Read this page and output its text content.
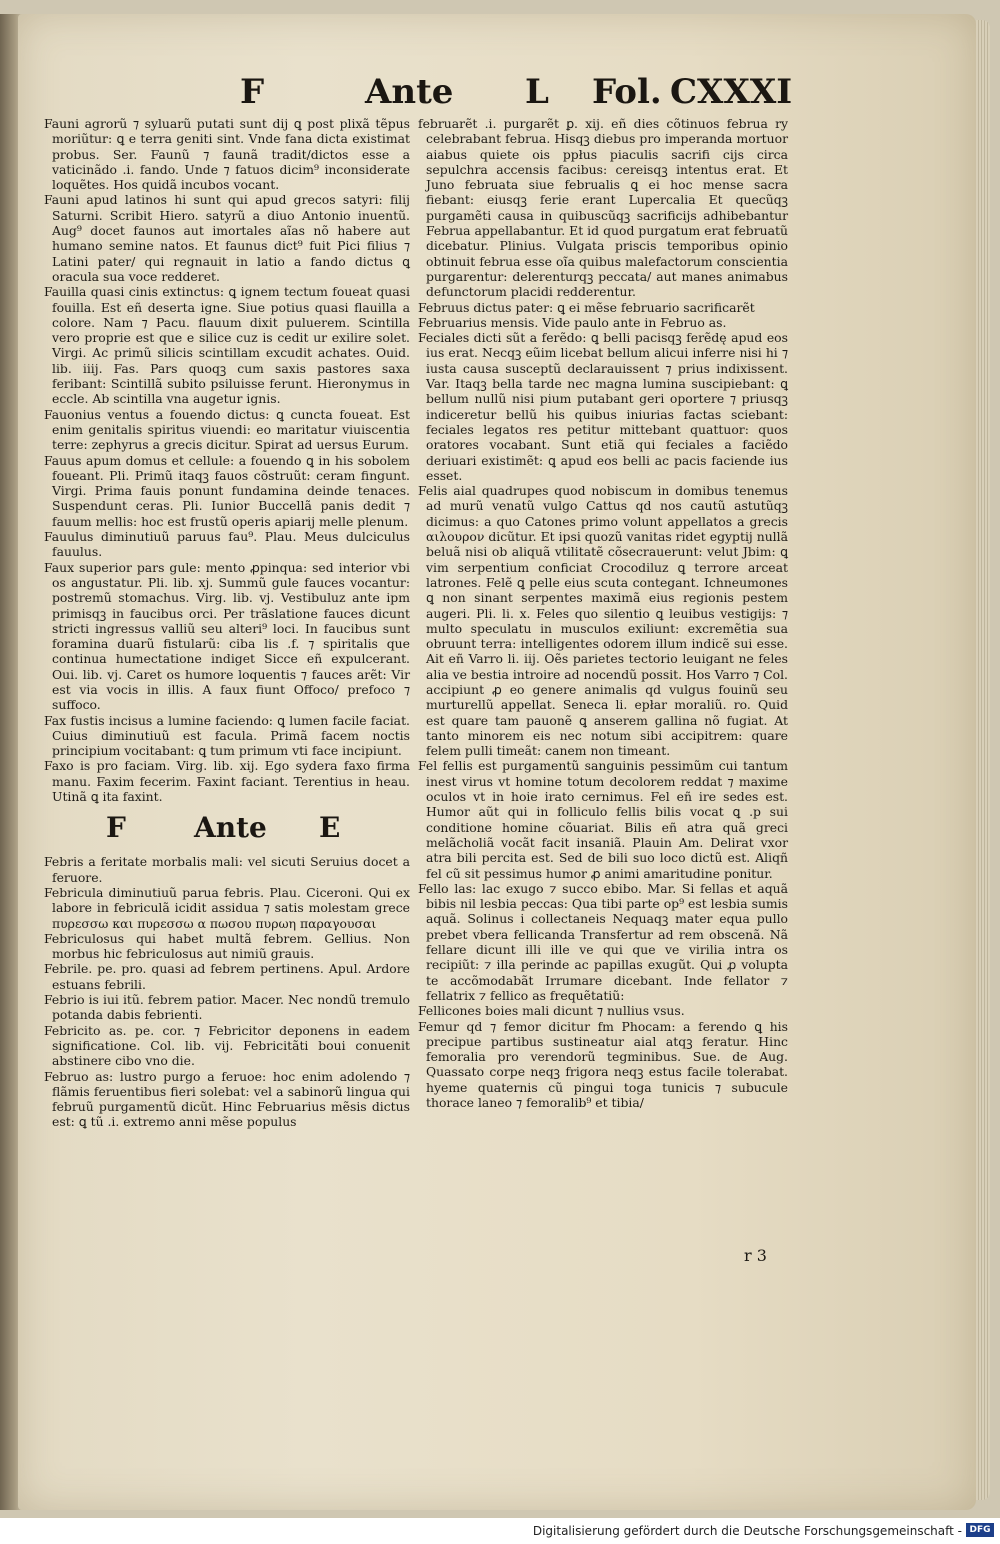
F	Ante L Fol. CXXXI

Fauni agrorũ ⁊ syluarũ putati sunt dij ꝗ post plixã tẽpus moriũtur: ꝗ e terra geniti sint. Vnde fana dicta existimat probus. Ser. Faunũ ⁊ faunã tradit/dictos esse a vaticinãdo .i. fando. Unde ⁊ fatuos dicim⁹ inconsiderate loquẽtes. Hos quidã incubos vocant.

Fauni apud latinos hi sunt qui apud grecos satyri: filij Saturni. Scribit Hiero. satyrũ a diuo Antonio inuentũ. Aug⁹ docet faunos aut imortales aĩas nõ habere aut humano semine natos. Et faunus dict⁹ fuit Pici filius ⁊ Latini pater/ qui regnauit in latio a fando dictus ꝗ oracula sua voce redderet.

Fauilla quasi cinis extinctus: ꝗ ignem tectum foueat quasi fouilla. Est eñ deserta igne. Siue potius quasi flauilla a colore. Nam ⁊ Pacu. flauum dixit puluerem. Scintilla vero proprie est que e silice cuz is cedit ur exilire solet. Virgi. Ac primũ silicis scintillam excudit achates. Ouid. lib. iiij. Fas. Pars quoqꝫ cum saxis pastores saxa feribant: Scintillã subito psiluisse ferunt. Hieronymus in eccle. Ab scintilla vna augetur ignis.

Fauonius ventus a fouendo dictus: ꝗ cuncta foueat. Est enim genitalis spiritus viuendi: eo maritatur viuiscentia terre: zephyrus a grecis dicitur. Spirat ad uersus Eurum.

Fauus apum domus et cellule: a fouendo ꝗ in his sobolem foueant. Pli. Primũ itaqꝫ fauos cõstruũt: ceram fingunt. Virgi. Prima fauis ponunt fundamina deinde tenaces. Suspendunt ceras. Pli. Iunior Buccellã panis dedit ⁊ fauum mellis: hoc est frustũ operis apiarij melle plenum.

Fauulus diminutiuũ paruus fau⁹. Plau. Meus dulciculus fauulus.

Faux superior pars gule: mento ꝓpinqua: sed interior vbi os angustatur. Pli. lib. xj. Summũ gule fauces vocantur: postremũ stomachus. Virg. lib. vj. Vestibuluz ante ipm primisqꝫ in faucibus orci. Per trãslatione fauces dicunt stricti ingressus valliũ seu alteri⁹ loci. In faucibus sunt foramina duarũ fistularũ: ciba lis .f. ⁊ spiritalis que continua humectatione indiget Sicce eñ expulcerant. Oui. lib. vj. Caret os humore loquentis ⁊ fauces arẽt: Vir est via vocis in illis. A faux fiunt Offoco/ prefoco ⁊ suffoco.

Fax fustis incisus a lumine faciendo: ꝗ lumen facile faciat. Cuius diminutiuũ est facula. Primã facem noctis principium vocitabant: ꝗ tum primum vti face incipiunt.

Faxo is pro faciam. Virg. lib. xij. Ego sydera faxo firma manu. Faxim fecerim. Faxint faciant. Terentius in heau. Utinã ꝗ ita faxint.

F Ante E

Febris a feritate morbalis mali: vel sicuti Seruius docet a feruore.

Febricula diminutiuũ parua febris. Plau. Ciceroni. Qui ex labore in febriculã icidit assidua ⁊ satis molestam grece πυρεσσω και πυρεσσω α πωσου πυρωη παραγουσαι

Febriculosus qui habet multã febrem. Gellius. Non morbus hic febriculosus aut nimiũ grauis.

Febrile. pe. pro. quasi ad febrem pertinens. Apul. Ardore estuans febrili.

Febrio is iui itũ. febrem patior. Macer. Nec nondũ tremulo potanda dabis febrienti.

Febricito as. pe. cor. ⁊ Febricitor deponens in eadem significatione. Col. lib. vij. Febricitãti boui conuenit abstinere cibo vno die.

Februo as: lustro purgo a feruoe: hoc enim adolendo ⁊ flãmis feruentibus fieri solebat: vel a sabinorũ lingua qui februũ purgamentũ dicũt. Hinc Februarius mẽsis dictus est: ꝗ tũ .i. extremo anni mẽse populus

februarẽt .i. purgarẽt ꝑ. xij. eñ dies cõtinuos februa ry celebrabant februa. Hisqꝫ diebus pro imperanda mortuor aiabus quiete ois ppłus piaculis sacrifi cijs circa sepulchra accensis facibus: cereisqꝫ intentus erat. Et Juno februata siue februalis ꝗ ei hoc mense sacra fiebant: eiusqꝫ ferie erant Lupercalia Et quecũqꝫ purgamẽti causa in quibuscũqꝫ sacrificijs adhibebantur Februa appellabantur. Et id quod purgatum erat februatũ dicebatur. Plinius. Vulgata priscis temporibus opinio obtinuit februa esse oĩa quibus malefactorum conscientia purgarentur: delerenturqꝫ peccata/ aut manes animabus defunctorum placidi redderentur.

Februus dictus pater: ꝗ ei mẽse februario sacrificarẽt

Februarius mensis. Vide paulo ante in Februo as.

Feciales dicti sũt a ferẽdo: ꝗ belli pacisqꝫ ferẽdę apud eos ius erat. Necqꝫ eũim licebat bellum alicui inferre nisi hi ⁊ iusta causa susceptũ declarauissent ⁊ prius indixissent. Var. Itaqꝫ bella tarde nec magna lumina suscipiebant: ꝗ bellum nullũ nisi pium putabant geri oportere ⁊ priusqꝫ indiceretur bellũ his quibus iniurias factas sciebant: feciales legatos res petitur mittebant quattuor: quos oratores vocabant. Sunt etiã qui feciales a faciẽdo deriuari existimẽt: ꝗ apud eos belli ac pacis faciende ius esset.

Felis aial quadrupes quod nobiscum in domibus tenemus ad murũ venatũ vulgo Cattus qd nos cautũ astutũqꝫ dicimus: a quo Catones primo volunt appellatos a grecis αιλουρον dicũtur. Et ipsi quozũ vanitas ridet egyptij nullã beluã nisi ob aliquã vtilitatẽ cõsecrauerunt: velut Jbim: ꝗ vim serpentium conficiat Crocodiluz ꝗ terrore arceat latrones. Felẽ ꝗ pelle eius scuta contegant. Ichneumones ꝗ non sinant serpentes maximã eius regionis pestem augeri. Pli. li. x. Feles quo silentio ꝗ leuibus vestigijs: ⁊ multo speculatu in musculos exiliunt: excremẽtia sua obruunt terra: intelligentes odorem illum indicẽ sui esse. Ait eñ Varro li. iij. Oẽs parietes tectorio leuigant ne feles alia ve bestia introire ad nocendũ possit. Hos Varro ⁊ Col. accipiunt ꝓ eo genere animalis qd vulgus fouinũ seu murturellũ appellat. Seneca li. epłar moraliũ. ro. Quid est quare tam pauonẽ ꝗ anserem gallina nõ fugiat. At tanto minorem eis nec notum sibi accipitrem: quare felem pulli timeãt: canem non timeant.

Fel fellis est purgamentũ sanguinis pessimũm cui tantum inest virus vt homine totum decolorem reddat ⁊ maxime oculos vt in hoie irato cernimus. Fel eñ ire sedes est. Humor aũt qui in folliculo fellis bilis vocat ꝗ .p sui conditione homine cõuariat. Bilis eñ atra quã greci melãcholiã vocãt facit insaniã. Plauin Am. Delirat vxor atra bili percita est. Sed de bili suo loco dictũ est. Aliqñ fel cũ sit pessimus humor ꝓ animi amaritudine ponitur.

Fello las: lac exugo ⁊ succo ebibo. Mar. Si fellas et aquã bibis nil lesbia peccas: Qua tibi parte op⁹ est lesbia sumis aquã. Solinus i collectaneis Nequaqꝫ mater equa pullo prebet vbera fellicanda Transfertur ad rem obscenã. Nã fellare dicunt illi ille ve qui que ve virilia intra os recipiũt: ⁊ illa perinde ac papillas exugũt. Qui ꝓ volupta te accõmodabãt Irrumare dicebant. Inde fellator ⁊ fellatrix ⁊ fellico as frequẽtatiũ:

Fellicones boies mali dicunt ⁊ nullius vsus.

Femur qd ⁊ femor dicitur fm Phocam: a ferendo ꝗ his precipue partibus sustineatur aial atqꝫ feratur. Hinc femoralia pro verendorũ tegminibus. Sue. de Aug. Quassato corpe neqꝫ frigora neqꝫ estus facile tolerabat. hyeme quaternis cũ pingui toga tunicis ⁊ subucule thorace laneo ⁊ femoralib⁹ et tibia/

r 3
Digitalisierung gefördert durch die Deutsche Forschungsgemeinschaft - DFG
